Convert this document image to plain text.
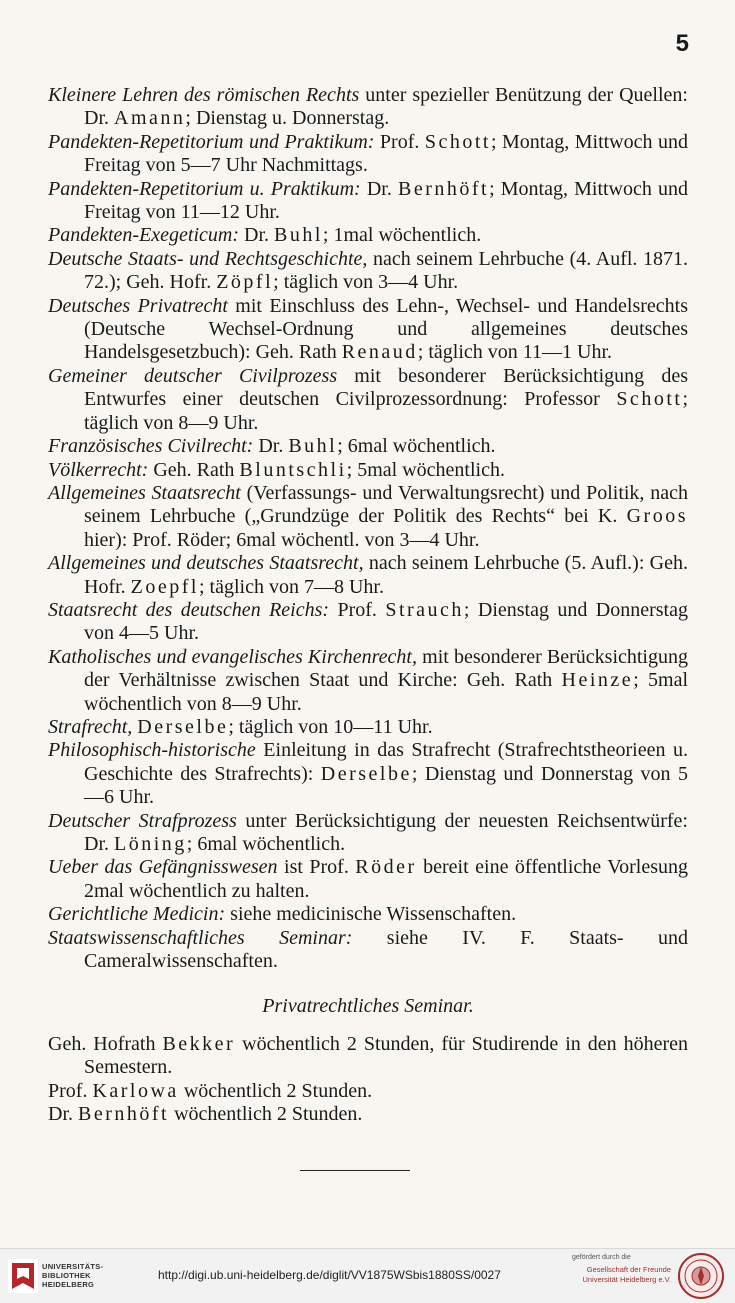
5

Kleinere Lehren des römischen Rechts unter spezieller Benützung der Quellen: Dr. Amann; Dienstag u. Donnerstag.

Pandekten-Repetitorium und Praktikum: Prof. Schott; Montag, Mittwoch und Freitag von 5—7 Uhr Nachmittags.

Pandekten-Repetitorium u. Praktikum: Dr. Bernhöft; Montag, Mittwoch und Freitag von 11—12 Uhr.

Pandekten-Exegeticum: Dr. Buhl; 1mal wöchentlich.

Deutsche Staats- und Rechtsgeschichte, nach seinem Lehrbuche (4. Aufl. 1871. 72.); Geh. Hofr. Zöpfl; täglich von 3—4 Uhr.

Deutsches Privatrecht mit Einschluss des Lehn-, Wechsel- und Handelsrechts (Deutsche Wechsel-Ordnung und allgemeines deutsches Handelsgesetzbuch): Geh. Rath Renaud; täglich von 11—1 Uhr.

Gemeiner deutscher Civilprozess mit besonderer Berücksichtigung des Entwurfes einer deutschen Civilprozessordnung: Professor Schott; täglich von 8—9 Uhr.

Französisches Civilrecht: Dr. Buhl; 6mal wöchentlich.

Völkerrecht: Geh. Rath Bluntschli; 5mal wöchentlich.

Allgemeines Staatsrecht (Verfassungs- und Verwaltungsrecht) und Politik, nach seinem Lehrbuche („Grundzüge der Politik des Rechts“ bei K. Groos hier): Prof. Röder; 6mal wöchentl. von 3—4 Uhr.

Allgemeines und deutsches Staatsrecht, nach seinem Lehrbuche (5. Aufl.): Geh. Hofr. Zoepfl; täglich von 7—8 Uhr.

Staatsrecht des deutschen Reichs: Prof. Strauch; Dienstag und Donnerstag von 4—5 Uhr.

Katholisches und evangelisches Kirchenrecht, mit besonderer Berücksichtigung der Verhältnisse zwischen Staat und Kirche: Geh. Rath Heinze; 5mal wöchentlich von 8—9 Uhr.

Strafrecht, Derselbe; täglich von 10—11 Uhr.

Philosophisch-historische Einleitung in das Strafrecht (Strafrechtstheorieen u. Geschichte des Strafrechts): Derselbe; Dienstag und Donnerstag von 5—6 Uhr.

Deutscher Strafprozess unter Berücksichtigung der neuesten Reichsentwürfe: Dr. Löning; 6mal wöchentlich.

Ueber das Gefängnisswesen ist Prof. Röder bereit eine öffentliche Vorlesung 2mal wöchentlich zu halten.

Gerichtliche Medicin: siehe medicinische Wissenschaften.

Staatswissenschaftliches Seminar: siehe IV. F. Staats- und Cameralwissenschaften.

Privatrechtliches Seminar.

Geh. Hofrath Bekker wöchentlich 2 Stunden, für Studirende in den höheren Semestern.

Prof. Karlowa wöchentlich 2 Stunden.

Dr. Bernhöft wöchentlich 2 Stunden.

UNIVERSITÄTS-
BIBLIOTHEK
HEIDELBERG
http://digi.ub.uni-heidelberg.de/diglit/VV1875WSbis1880SS/0027
gefördert durch die
Gesellschaft der Freunde
Universität Heidelberg e.V.
